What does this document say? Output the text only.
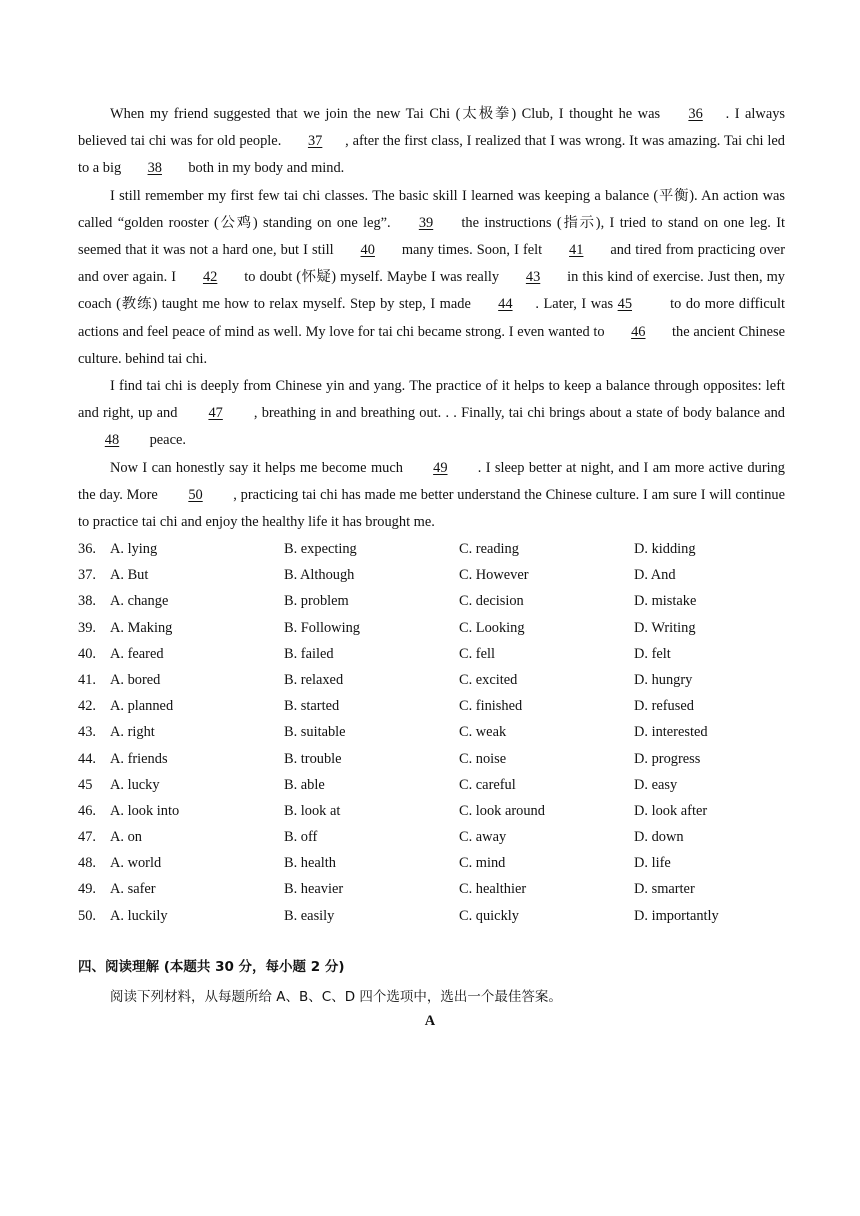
When my friend suggested that we join the new Tai Chi (太极拳) Club, I thought he was 36 . I always believed tai chi was for old people. 37 , after the first class, I realized that I was wrong. It was amazing. Tai chi led to a big 38 both in my body and mind.

I still remember my first few tai chi classes. The basic skill I learned was keeping a balance (平衡). An action was called “golden rooster (公鸡) standing on one leg”. 39 the instructions (指示), I tried to stand on one leg. It seemed that it was not a hard one, but I still 40 many times. Soon, I felt 41 and tired from practicing over and over again. I 42 to doubt (怀疑) myself. Maybe I was really 43 in this kind of exercise. Just then, my coach (教练) taught me how to relax myself. Step by step, I made 44 . Later, I was 45 to do more difficult actions and feel peace of mind as well. My love for tai chi became strong. I even wanted to 46 the ancient Chinese culture. behind tai chi.

I find tai chi is deeply from Chinese yin and yang. The practice of it helps to keep a balance through opposites: left and right, up and 47 , breathing in and breathing out. . . Finally, tai chi brings about a state of body balance and 48 peace.

Now I can honestly say it helps me become much 49 . I sleep better at night, and I am more active during the day. More 50 , practicing tai chi has made me better understand the Chinese culture. I am sure I will continue to practice tai chi and enjoy the healthy life it has brought me.

36. A. lying	B. expecting	C. reading	D. kidding
37. A. But	B. Although	C. However	D. And
38. A. change	B. problem	C. decision	D. mistake
39. A. Making	B. Following	C. Looking	D. Writing
40. A. feared	B. failed	C. fell	D. felt
41. A. bored	B. relaxed	C. excited	D. hungry
42. A. planned	B. started	C. finished	D. refused
43. A. right	B. suitable	C. weak	D. interested
44. A. friends	B. trouble	C. noise	D. progress
45 A. lucky	B. able	C. careful	D. easy
46. A. look into	B. look at	C. look around	D. look after
47. A. on	B. off	C. away	D. down
48. A. world	B. health	C. mind	D. life
49. A. safer	B. heavier	C. healthier	D. smarter
50. A. luckily	B. easily	C. quickly	D. importantly
四、阅读理解 (本题共 30 分，每小题 2 分)
阅读下列材料，从每题所给 A、B、C、D 四个选项中，选出一个最佳答案。
A
